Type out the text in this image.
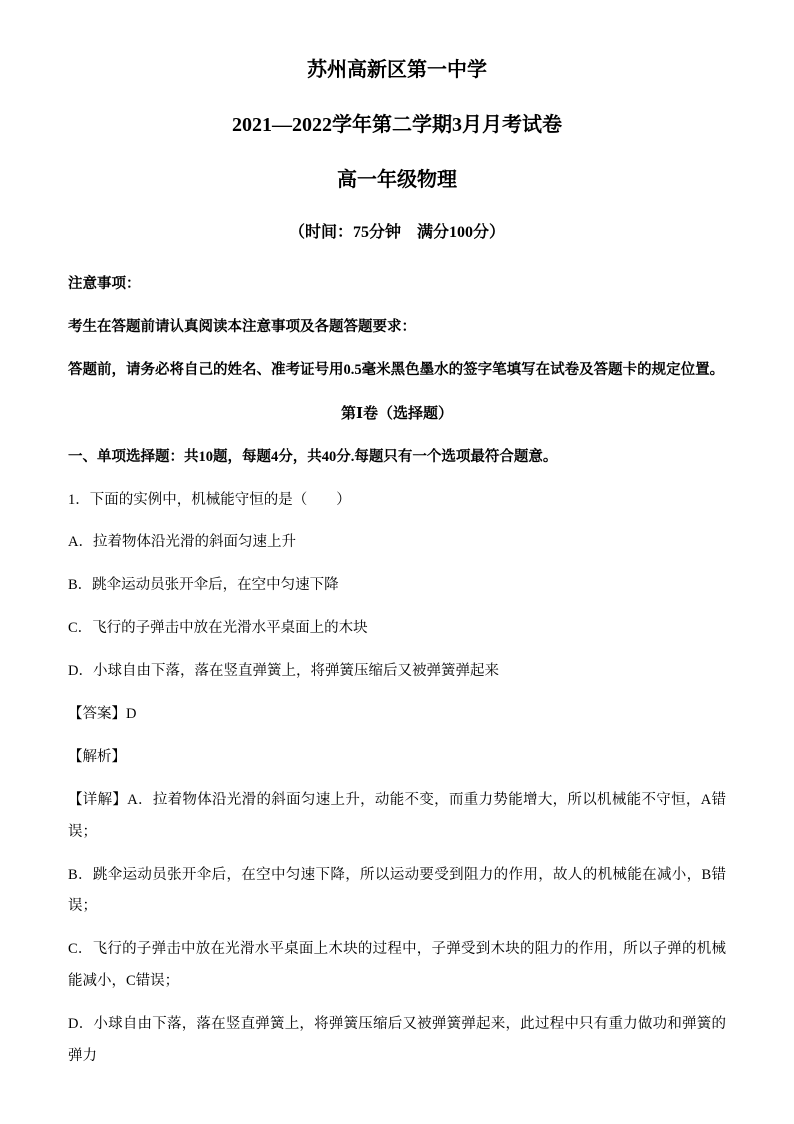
苏州高新区第一中学
2021—2022学年第二学期3月月考试卷
高一年级物理
（时间：75分钟　满分100分）

注意事项：

考生在答题前请认真阅读本注意事项及各题答题要求：

答题前，请务必将自己的姓名、准考证号用0.5毫米黑色墨水的签字笔填写在试卷及答题卡的规定位置。

第Ⅰ卷（选择题）

一、单项选择题：共10题，每题4分，共40分.每题只有一个选项最符合题意。

1．下面的实例中，机械能守恒的是（　　）

A．拉着物体沿光滑的斜面匀速上升

B．跳伞运动员张开伞后，在空中匀速下降

C．飞行的子弹击中放在光滑水平桌面上的木块

D．小球自由下落，落在竖直弹簧上，将弹簧压缩后又被弹簧弹起来

【答案】D

【解析】

【详解】A．拉着物体沿光滑的斜面匀速上升，动能不变，而重力势能增大，所以机械能不守恒，A错误；

B．跳伞运动员张开伞后，在空中匀速下降，所以运动要受到阻力的作用，故人的机械能在减小，B错误；

C．飞行的子弹击中放在光滑水平桌面上木块的过程中，子弹受到木块的阻力的作用，所以子弹的机械能减小，C错误；

D．小球自由下落，落在竖直弹簧上，将弹簧压缩后又被弹簧弹起来，此过程中只有重力做功和弹簧的弹力
